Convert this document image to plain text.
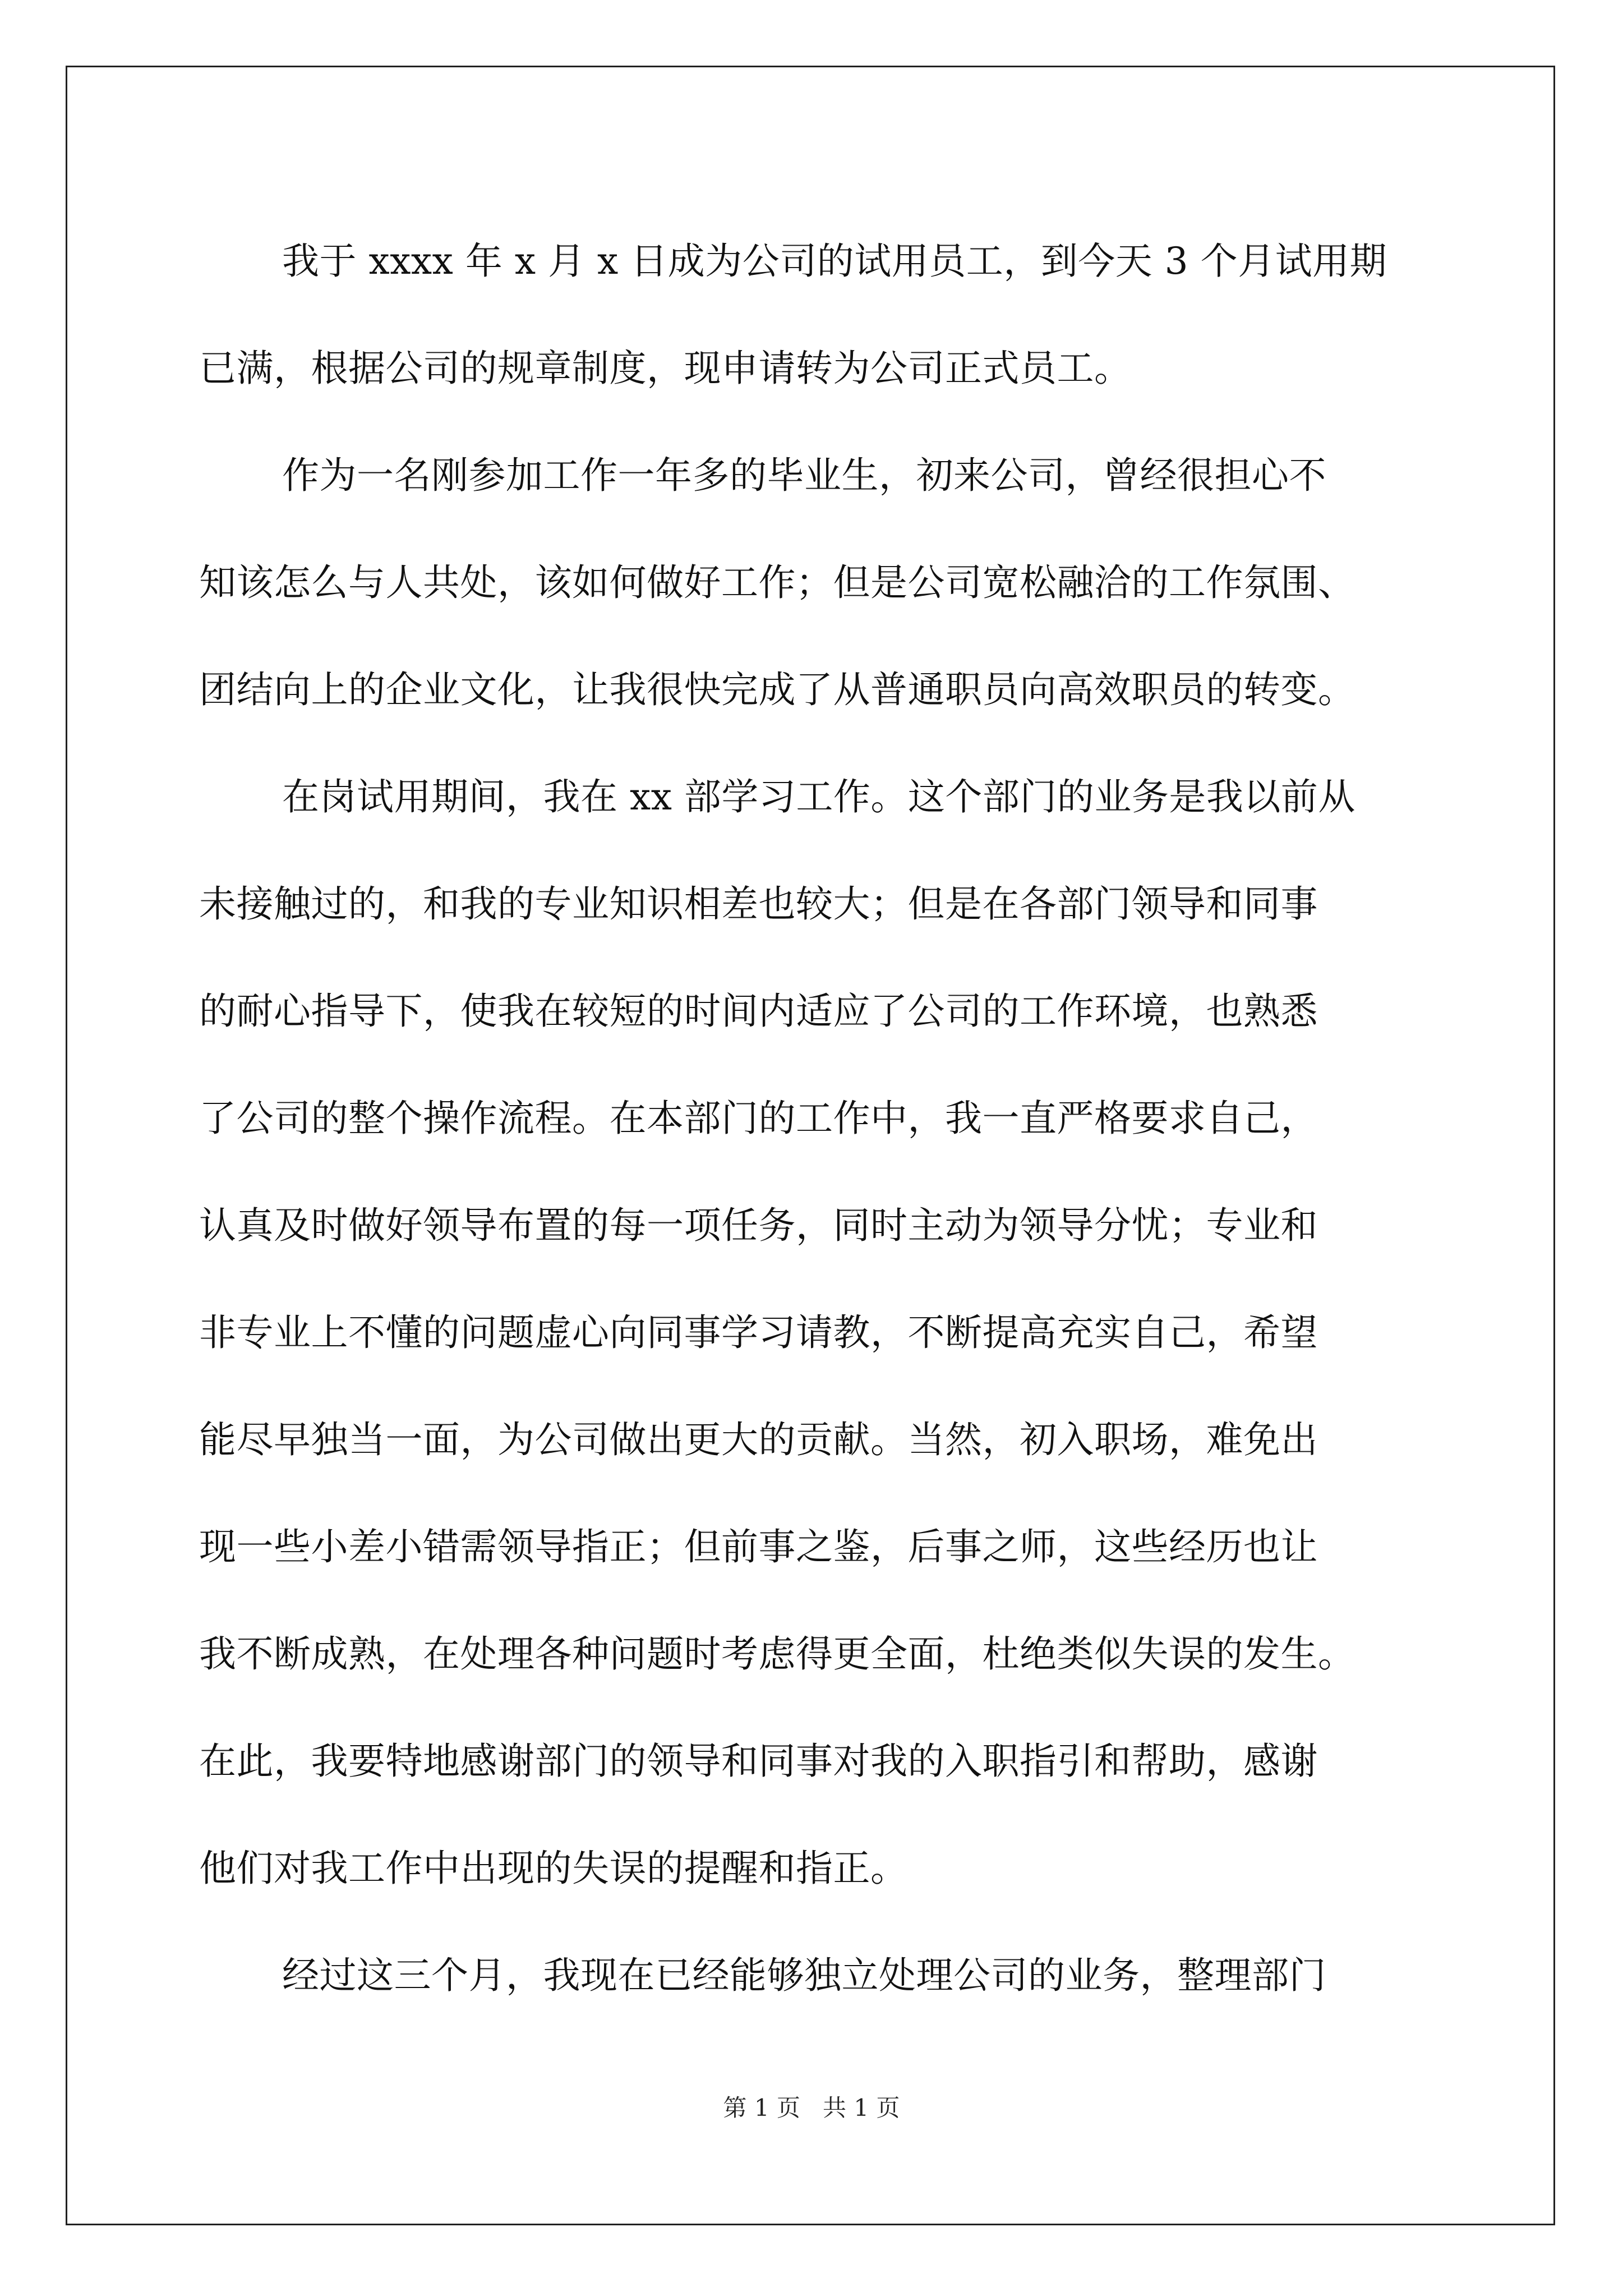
我于 xxxx 年 x 月 x 日成为公司的试用员工，到今天 3 个月试用期
已满，根据公司的规章制度，现申请转为公司正式员工。
作为一名刚参加工作一年多的毕业生，初来公司，曾经很担心不
知该怎么与人共处，该如何做好工作；但是公司宽松融洽的工作氛围、
团结向上的企业文化，让我很快完成了从普通职员向高效职员的转变。
在岗试用期间，我在 xx 部学习工作。这个部门的业务是我以前从
未接触过的，和我的专业知识相差也较大；但是在各部门领导和同事
的耐心指导下，使我在较短的时间内适应了公司的工作环境，也熟悉
了公司的整个操作流程。在本部门的工作中，我一直严格要求自己，
认真及时做好领导布置的每一项任务，同时主动为领导分忧；专业和
非专业上不懂的问题虚心向同事学习请教，不断提高充实自己，希望
能尽早独当一面，为公司做出更大的贡献。当然，初入职场，难免出
现一些小差小错需领导指正；但前事之鉴，后事之师，这些经历也让
我不断成熟，在处理各种问题时考虑得更全面，杜绝类似失误的发生。
在此，我要特地感谢部门的领导和同事对我的入职指引和帮助，感谢
他们对我工作中出现的失误的提醒和指正。
经过这三个月，我现在已经能够独立处理公司的业务，整理部门
第 1 页 共 1 页
